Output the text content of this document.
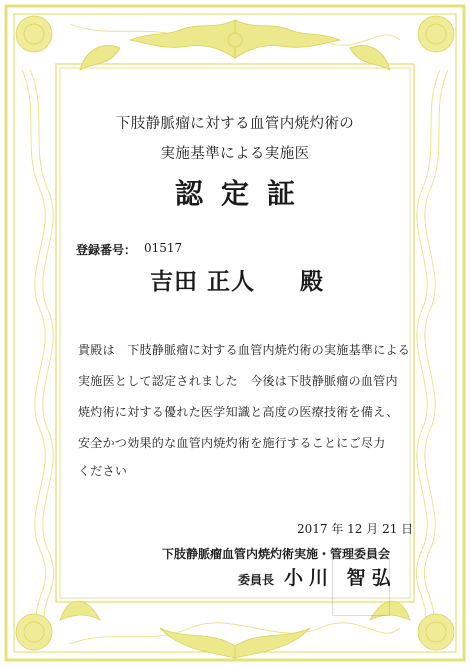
下肢静脈瘤に対する血管内焼灼術の
実施基準による実施医
認定証
登録番号： 01517
吉田 正人 殿
貴殿は　下肢静脈瘤に対する血管内焼灼術の実施基準による
実施医として認定されました　今後は下肢静脈瘤の血管内
焼灼術に対する優れた医学知識と高度の医療技術を備え、
安全かつ効果的な血管内焼灼術を施行することにご尽力
ください
2017 年 12 月 21 日
下肢静脈瘤血管内焼灼術実施・管理委員会
委員長 小川 智弘
